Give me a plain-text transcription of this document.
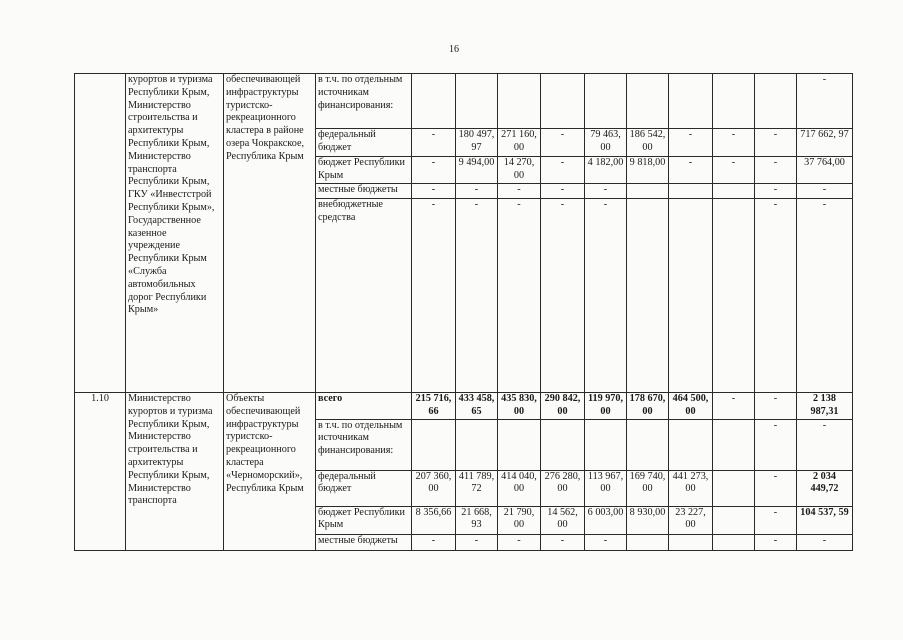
16
	курортов и туризма Республики Крым, Министерство строительства и архитектуры Республики Крым, Министерство транспорта Республики Крым, ГКУ «Инвестстрой Республики Крым», Государственное казенное учреждение Республики Крым «Служба автомобильных дорог Республики Крым»	обеспечивающей инфраструктуры туристско-рекреационного кластера в районе озера Чокракское, Республика Крым	в т.ч. по отдельным источникам финансирования:										-
			федеральный бюджет	-	180 497, 97	271 160, 00	-	79 463, 00	186 542, 00	-	-	-	717 662, 97
			бюджет Республики Крым	-	9 494,00	14 270, 00	-	4 182,00	9 818,00	-	-	-	37 764,00
			местные бюджеты	-	-	-	-	-				-	-
			внебюджетные средства	-	-	-	-	-				-	-
1.10	Министерство курортов и туризма Республики Крым, Министерство строительства и архитектуры Республики Крым, Министерство транспорта	Объекты обеспечивающей инфраструктуры туристско-рекреационного кластера «Черноморский», Республика Крым	всего	215 716, 66	433 458, 65	435 830, 00	290 842, 00	119 970, 00	178 670, 00	464 500, 00	-	-	2 138 987,31
			в т.ч. по отдельным источникам финансирования:									-	-
			федеральный бюджет	207 360, 00	411 789, 72	414 040, 00	276 280, 00	113 967, 00	169 740, 00	441 273, 00		-	2 034 449,72
			бюджет Республики Крым	8 356,66	21 668, 93	21 790, 00	14 562, 00	6 003,00	8 930,00	23 227, 00		-	104 537, 59
			местные бюджеты	-	-	-	-	-				-	-
